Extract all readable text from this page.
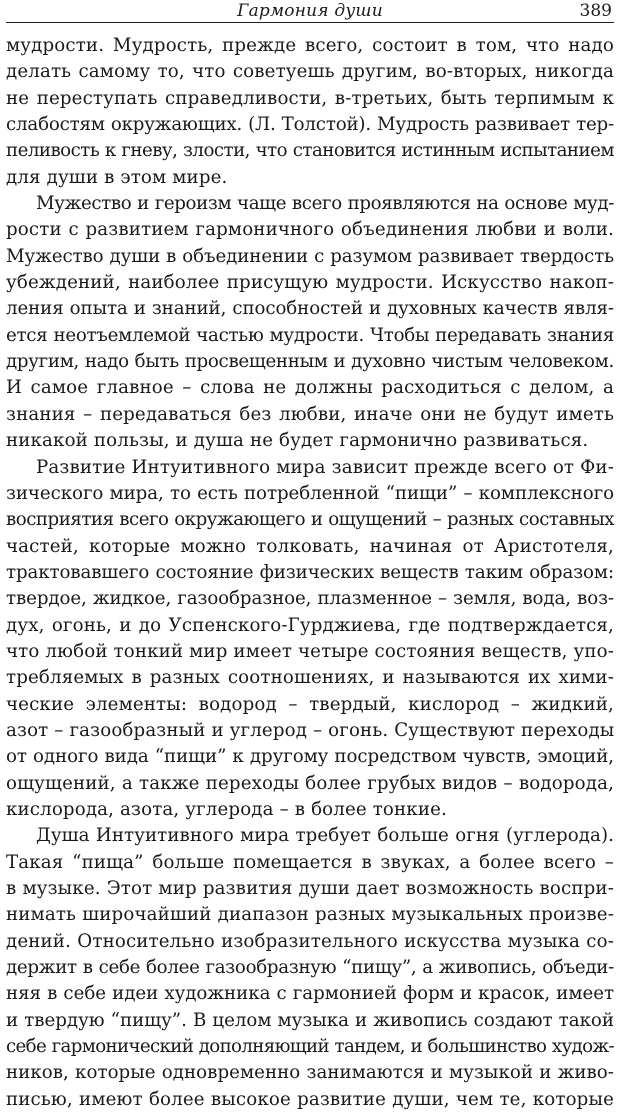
Гармония души	389
мудрости. Мудрость, прежде всего, состоит в том, что надо
делать самому то, что советуешь другим, во-вторых, никогда
не переступать справедливости, в-третьих, быть терпимым к
слабостям окружающих. (Л. Толстой). Мудрость развивает тер-
пеливость к гневу, злости, что становится истинным испытанием
для души в этом мире.
Мужество и героизм чаще всего проявляются на основе муд-
рости с развитием гармоничного объединения любви и воли.
Мужество души в объединении с разумом развивает твердость
убеждений, наиболее присущую мудрости. Искусство накоп-
ления опыта и знаний, способностей и духовных качеств явля-
ется неотъемлемой частью мудрости. Чтобы передавать знания
другим, надо быть просвещенным и духовно чистым человеком.
И самое главное – слова не должны расходиться с делом, а
знания – передаваться без любви, иначе они не будут иметь
никакой пользы, и душа не будет гармонично развиваться.
Развитие Интуитивного мира зависит прежде всего от Фи-
зического мира, то есть потребленной “пищи” – комплексного
восприятия всего окружающего и ощущений – разных составных
частей, которые можно толковать, начиная от Аристотеля,
трактовавшего состояние физических веществ таким образом:
твердое, жидкое, газообразное, плазменное – земля, вода, воз-
дух, огонь, и до Успенского-Гурджиева, где подтверждается,
что любой тонкий мир имеет четыре состояния веществ, упо-
требляемых в разных соотношениях, и называются их хими-
ческие элементы: водород – твердый, кислород – жидкий,
азот – газообразный и углерод – огонь. Существуют переходы
от одного вида “пищи” к другому посредством чувств, эмоций,
ощущений, а также переходы более грубых видов – водорода,
кислорода, азота, углерода – в более тонкие.
Душа Интуитивного мира требует больше огня (углерода).
Такая “пища” больше помещается в звуках, а более всего –
в музыке. Этот мир развития души дает возможность воспри-
нимать широчайший диапазон разных музыкальных произве-
дений. Относительно изобразительного искусства музыка со-
держит в себе более газообразную “пищу”, а живопись, объеди-
няя в себе идеи художника с гармонией форм и красок, имеет
и твердую “пищу”. В целом музыка и живопись создают такой
себе гармонический дополняющий тандем, и большинство худож-
ников, которые одновременно занимаются и музыкой и живо-
писью, имеют более высокое развитие души, чем те, которые
